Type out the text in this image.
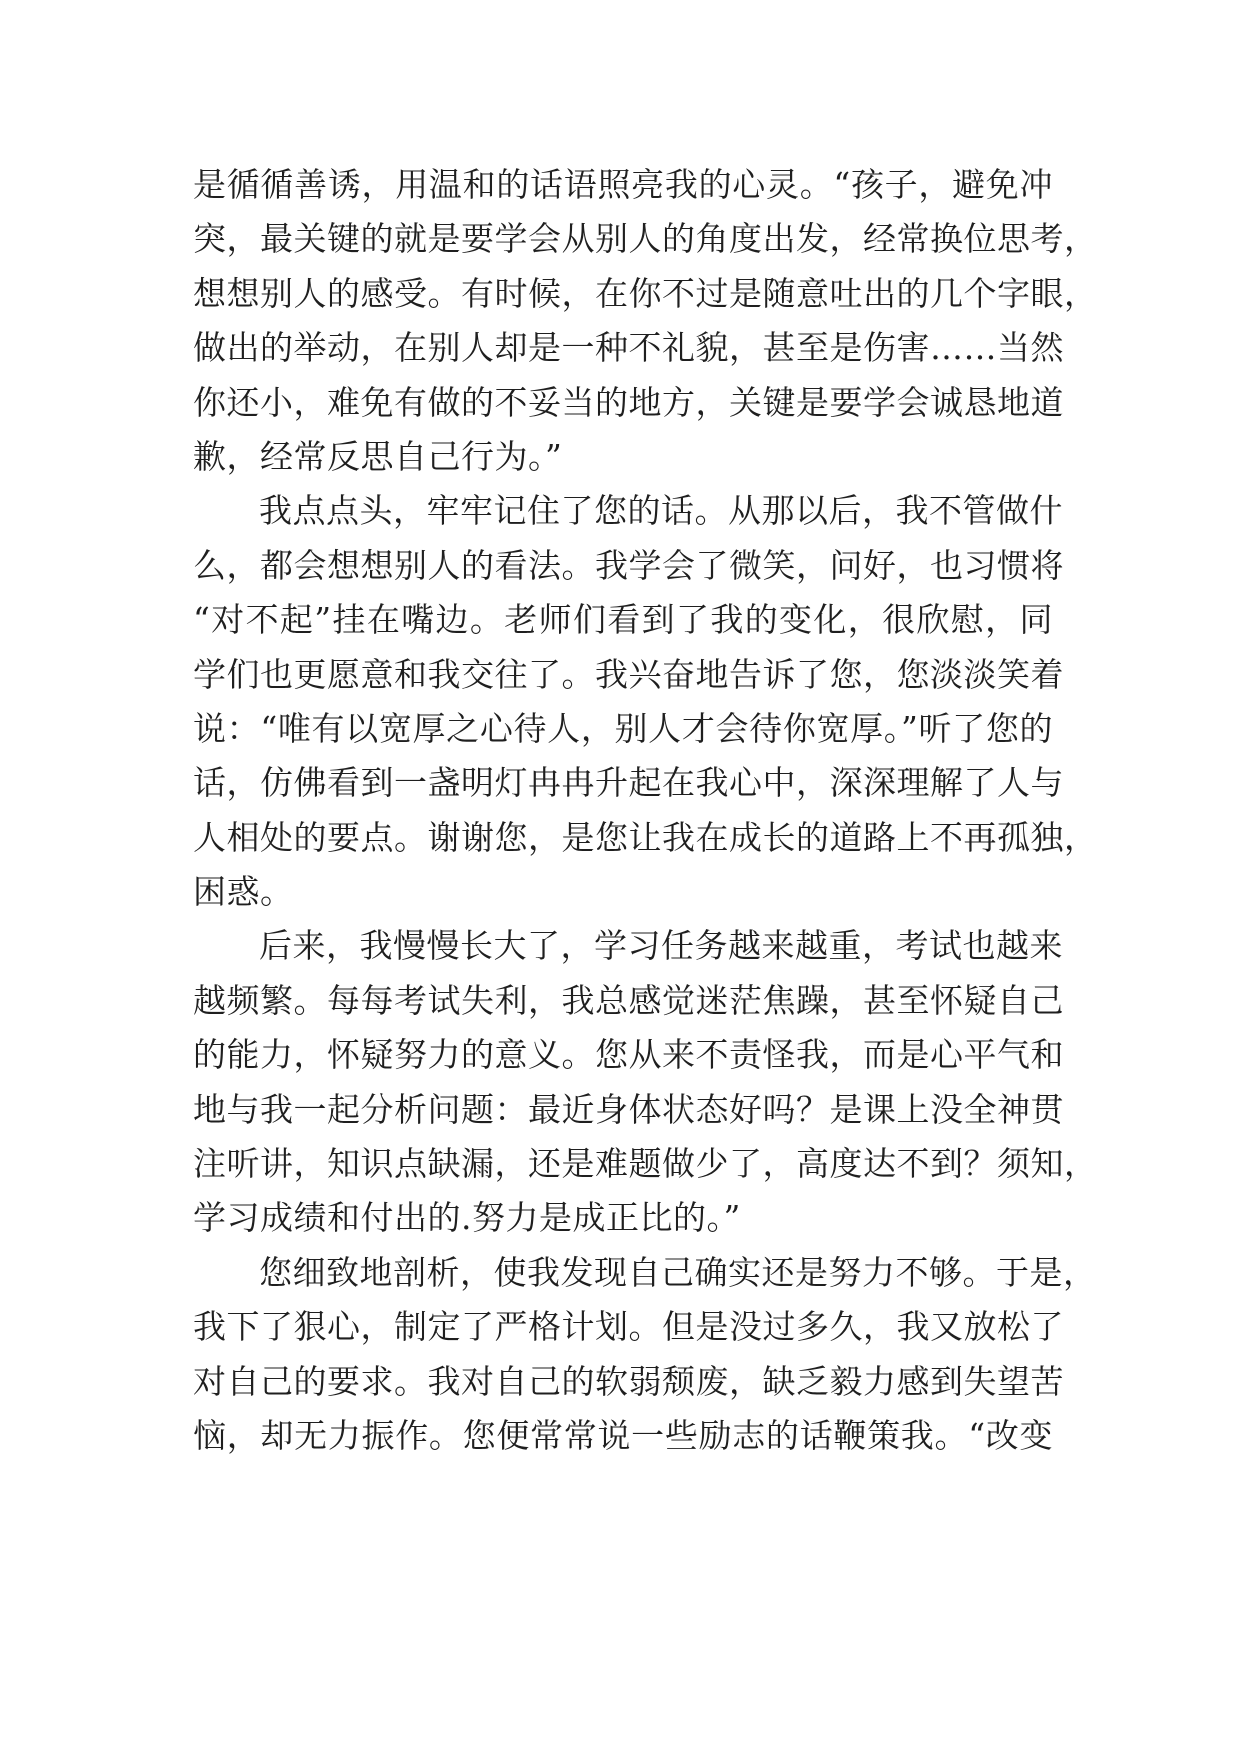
是循循善诱，用温和的话语照亮我的心灵。“孩子，避免冲
突，最关键的就是要学会从别人的角度出发，经常换位思考，
想想别人的感受。有时候，在你不过是随意吐出的几个字眼，
做出的举动，在别人却是一种不礼貌，甚至是伤害……当然
你还小，难免有做的不妥当的地方，关键是要学会诚恳地道
歉，经常反思自己行为。”
我点点头，牢牢记住了您的话。从那以后，我不管做什
么，都会想想别人的看法。我学会了微笑，问好，也习惯将
“对不起”挂在嘴边。老师们看到了我的变化，很欣慰，同
学们也更愿意和我交往了。我兴奋地告诉了您，您淡淡笑着
说：“唯有以宽厚之心待人，别人才会待你宽厚。”听了您的
话，仿佛看到一盏明灯冉冉升起在我心中，深深理解了人与
人相处的要点。谢谢您，是您让我在成长的道路上不再孤独，
困惑。
后来，我慢慢长大了，学习任务越来越重，考试也越来
越频繁。每每考试失利，我总感觉迷茫焦躁，甚至怀疑自己
的能力，怀疑努力的意义。您从来不责怪我，而是心平气和
地与我一起分析问题：最近身体状态好吗？是课上没全神贯
注听讲，知识点缺漏，还是难题做少了，高度达不到？须知，
学习成绩和付出的.努力是成正比的。”
您细致地剖析，使我发现自己确实还是努力不够。于是，
我下了狠心，制定了严格计划。但是没过多久，我又放松了
对自己的要求。我对自己的软弱颓废，缺乏毅力感到失望苦
恼，却无力振作。您便常常说一些励志的话鞭策我。“改变
